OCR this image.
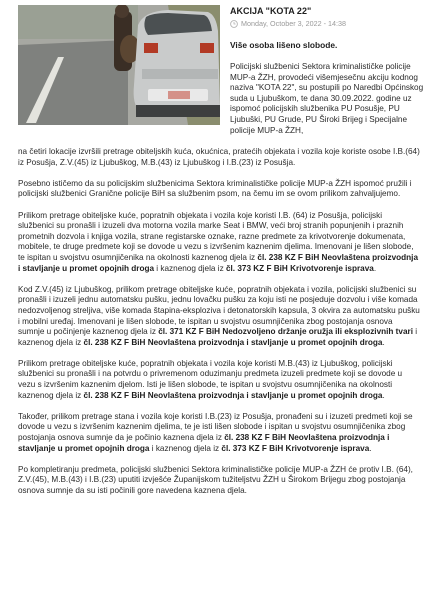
AKCIJA "KOTA 22"
Monday, October 3, 2022 - 14:38
Više osoba lišeno slobode.
Policijski službenici Sektora kriminalističke policije MUP-a ŽZH, provodeći višemjesečnu akciju kodnog naziva "KOTA 22", su postupili po Naredbi Općinskog suda u Ljubuškom, te dana 30.09.2022. godine uz ispomoć policijskih službenika PU Posušje, PU Ljubuški, PU Grude, PU Široki Brijeg i Specijalne policije MUP-a ŽZH,

na četiri lokacije izvršili pretrage obiteljskih kuća, okućnica, pratećih objekata i vozila koje koriste osobe I.B.(64) iz Posušja, Z.V.(45) iz Ljubuškog, M.B.(43) iz Ljubuškog i I.B.(23) iz Posušja.

Posebno ističemo da su policijskim službenicima Sektora kriminalističke policije MUP-a ŽZH ispomoć pružili i policijski službenici Granične policije BiH sa službenim psom, na čemu im se ovom prilikom zahvaljujemo.

Prilikom pretrage obiteljske kuće, popratnih objekata i vozila koje koristi I.B. (64) iz Posušja, policijski službenici su pronašli i izuzeli dva motorna vozila marke Seat i BMW, veći broj stranih popunjenih i praznih prometnih dozvola i knjiga vozila, strane registarske oznake, razne predmete za krivotvorenje dokumenata, mobitele, te druge predmete koji se dovode u vezu s izvršenim kaznenim djelima. Imenovani je lišen slobode, te ispitan u svojstvu osumnjičenika na okolnosti kaznenog djela iz čl. 238 KZ F BiH Neovlaštena proizvodnja i stavljanje u promet opojnih droga i kaznenog djela iz čl. 373 KZ F BiH Krivotvorenje isprava.

Kod Z.V.(45) iz Ljubuškog, prilikom pretrage obiteljske kuće, popratnih objekata i vozila, policijski službenici su pronašli i izuzeli jednu automatsku pušku, jednu lovačku pušku za koju isti ne posjeduje dozvolu i više komada nedozvoljenog streljiva, više komada štapina-eksploziva i detonatorskih kapsula, 3 okvira za automatsku pušku i mobilni uređaj. Imenovani je lišen slobode, te ispitan u svojstvu osumnjičenika zbog postojanja osnova sumnje u počinjenje kaznenog djela iz čl. 371 KZ F BiH Nedozvoljeno držanje oružja ili eksplozivnih tvari i kaznenog djela iz čl. 238 KZ F BiH Neovlaštena proizvodnja i stavljanje u promet opojnih droga.

Prilikom pretrage obiteljske kuće, popratnih objekata i vozila koje koristi M.B.(43) iz Ljubuškog, policijski službenici su pronašli i na potvrdu o privremenom oduzimanju predmeta izuzeli predmete koji se dovode u vezu s izvršenim kaznenim djelom. Isti je lišen slobode, te ispitan u svojstvu osumnjičenika na okolnosti kaznenog djela iz čl. 238 KZ F BiH Neovlaštena proizvodnja i stavljanje u promet opojnih droga.

Također, prilikom pretrage stana i vozila koje koristi I.B.(23) iz Posušja, pronađeni su i izuzeti predmeti koji se dovode u vezu s izvršenim kaznenim djelima, te je isti lišen slobode i ispitan u svojstvu osumnjičenika zbog postojanja osnova sumnje da je počinio kaznena djela iz čl. 238 KZ F BiH Neovlaštena proizvodnja i stavljanje u promet opojnih droga i kaznenog djela iz čl. 373 KZ F BiH Krivotvorenje isprava.

Po kompletiranju predmeta, policijski službenici Sektora kriminalističke policije MUP-a ŽZH će protiv I.B. (64), Z.V.(45), M.B.(43) i I.B.(23) uputiti izvješće Županijskom tužiteljstvu ŽZH u Širokom Brijegu zbog postojanja osnova sumnje da su isti počinili gore navedena kaznena djela.
